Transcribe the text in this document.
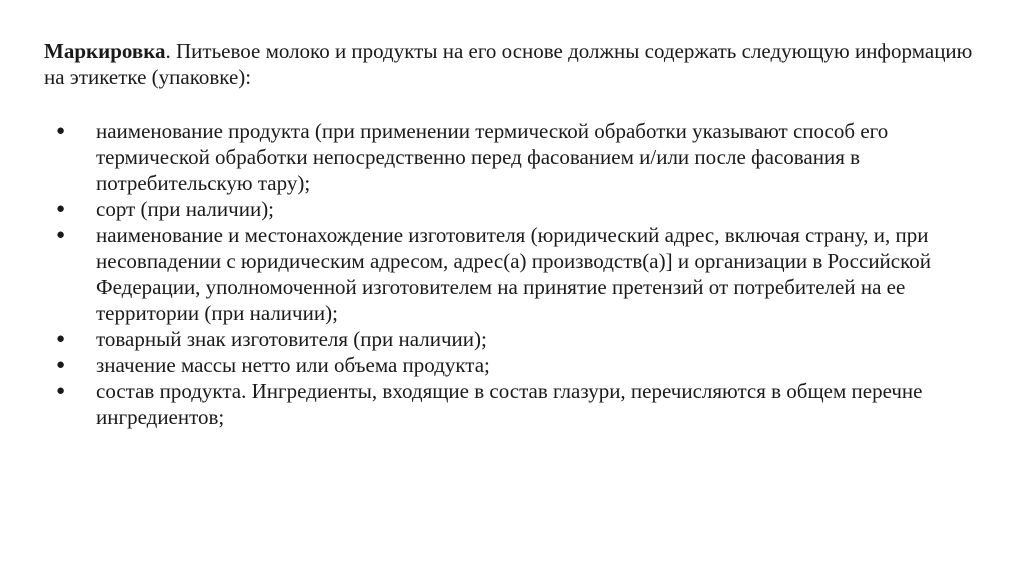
Маркировка. Питьевое молоко и продукты на его основе должны содержать следующую информацию на этикетке (упаковке):

● наименование продукта (при применении термической обработки указывают способ его термической обработки непосредственно перед фасованием и/или после фасования в потребительскую тару);
● сорт (при наличии);
● наименование и местонахождение изготовителя (юридический адрес, включая страну, и, при несовпадении с юридическим адресом, адрес(а) производств(а)] и организации в Российской Федерации, уполномоченной изготовителем на принятие претензий от потребителей на ее территории (при наличии);
● товарный знак изготовителя (при наличии);
● значение массы нетто или объема продукта;
● состав продукта. Ингредиенты, входящие в состав глазури, перечисляются в общем перечне ингредиентов;
